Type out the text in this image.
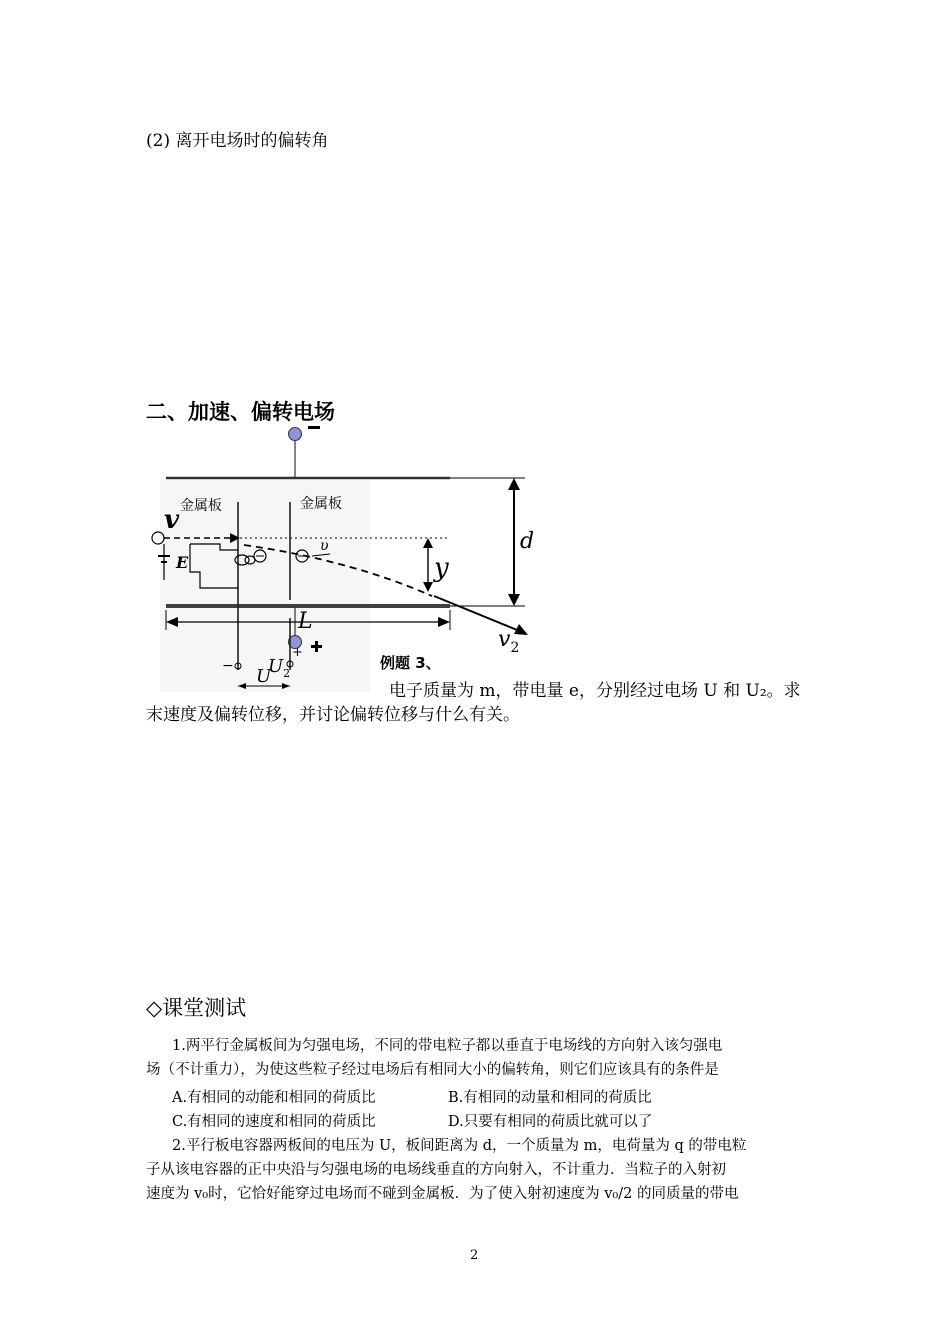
(2) 离开电场时的偏转角
二、加速、偏转电场
金属板	金属板
v
E
υ
y
$v_2$
d
L
−
+
U
$U_2$
例题 3、
电子质量为 m，带电量 e，分别经过电场 U 和 U₂。求
末速度及偏转位移，并讨论偏转位移与什么有关。
◇课堂测试
1.两平行金属板间为匀强电场，不同的带电粒子都以垂直于电场线的方向射入该匀强电
场（不计重力），为使这些粒子经过电场后有相同大小的偏转角，则它们应该具有的条件是
A.有相同的动能和相同的荷质比	B.有相同的动量和相同的荷质比
C.有相同的速度和相同的荷质比	D.只要有相同的荷质比就可以了
2.平行板电容器两板间的电压为 U，板间距离为 d，一个质量为 m，电荷量为 q 的带电粒
子从该电容器的正中央沿与匀强电场的电场线垂直的方向射入，不计重力．当粒子的入射初
速度为 v₀时，它恰好能穿过电场而不碰到金属板．为了使入射初速度为 v₀/2 的同质量的带电
2
